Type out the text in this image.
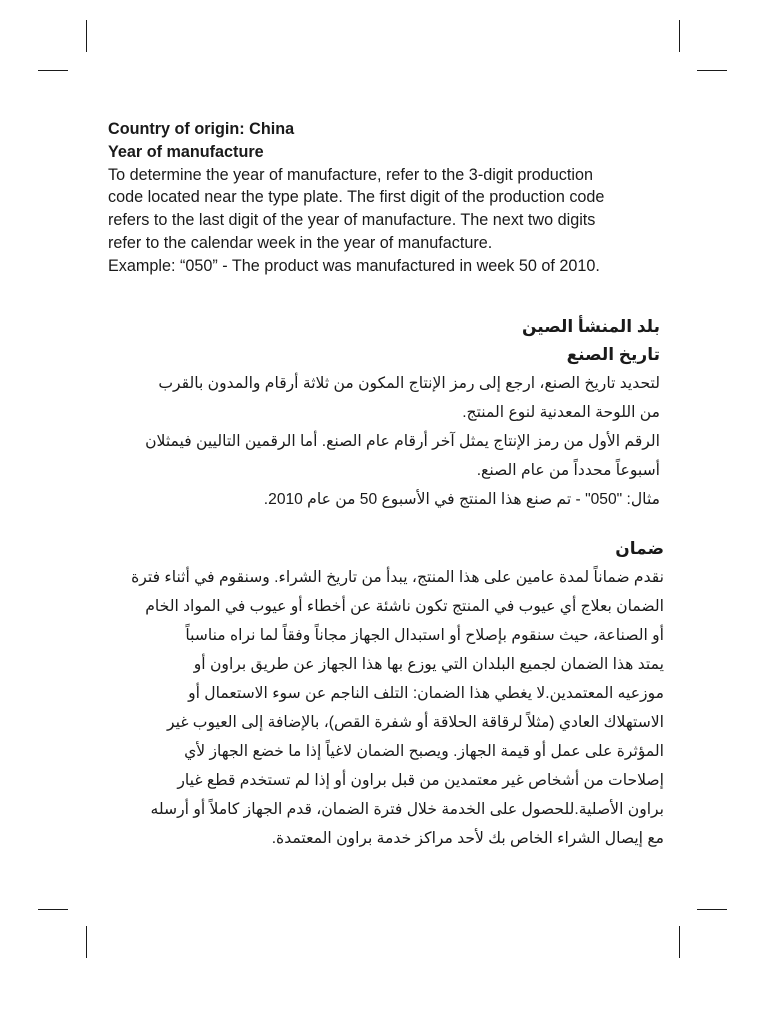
Country of origin: China
Year of manufacture
To determine the year of manufacture, refer to the 3-digit production
code located near the type plate. The first digit of the production code
refers to the last digit of the year of manufacture. The next two digits
refer to the calendar week in the year of manufacture.
Example: “050” - The product was manufactured in week 50 of 2010.
بلد المنشأ الصين
تاريخ الصنع
لتحديد تاريخ الصنع، ارجع إلى رمز الإنتاج المكون من ثلاثة أرقام والمدون بالقرب
من اللوحة المعدنية لنوع المنتج.
الرقم الأول من رمز الإنتاج يمثل آخر أرقام عام الصنع. أما الرقمين التاليين فيمثلان
أسبوعاً محدداً من عام الصنع.
مثال: "050" - تم صنع هذا المنتج في الأسبوع 50 من عام 2010.
ضمان
نقدم ضماناً لمدة عامين على هذا المنتج، يبدأ من تاريخ الشراء. وسنقوم في أثناء فترة
الضمان بعلاج أي عيوب في المنتج تكون ناشئة عن أخطاء أو عيوب في المواد الخام
أو الصناعة، حيث سنقوم بإصلاح أو استبدال الجهاز مجاناً وفقاً لما نراه مناسباً
يمتد هذا الضمان لجميع البلدان التي يوزع بها هذا الجهاز عن طريق براون أو
موزعيه المعتمدين.لا يغطي هذا الضمان: التلف الناجم عن سوء الاستعمال أو
الاستهلاك العادي (مثلاً لرقاقة الحلاقة أو شفرة القص)، بالإضافة إلى العيوب غير
المؤثرة على عمل أو قيمة الجهاز. ويصبح الضمان لاغياً إذا ما خضع الجهاز لأي
إصلاحات من أشخاص غير معتمدين من قبل براون أو إذا لم تستخدم قطع غيار
براون الأصلية.للحصول على الخدمة خلال فترة الضمان، قدم الجهاز كاملاً أو أرسله
مع إيصال الشراء الخاص بك لأحد مراكز خدمة براون المعتمدة.
